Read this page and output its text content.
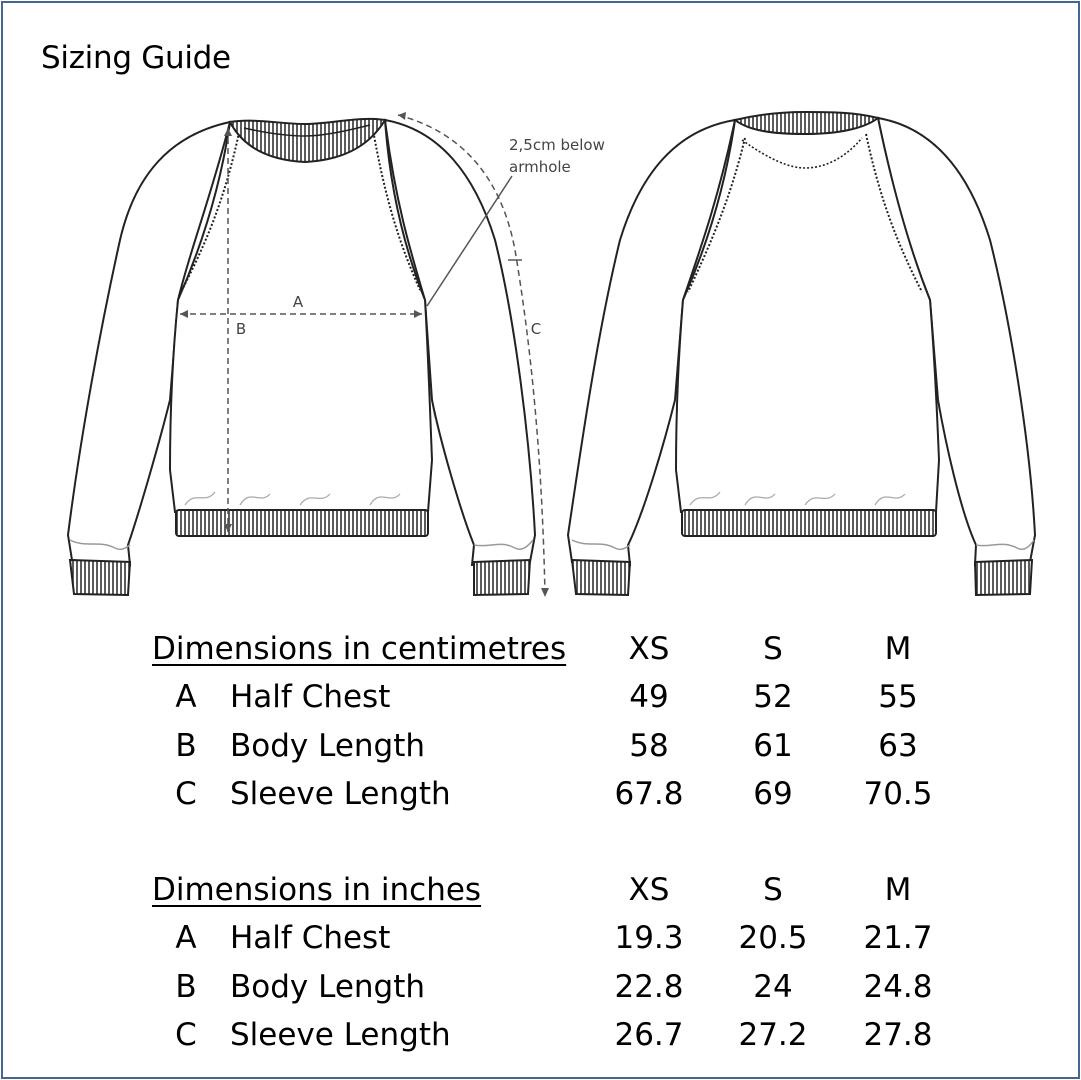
Sizing Guide
A
B	C
2,5cm below
armhole
Dimensions in centimetres	XS	S	M
A Half Chest	49	52	55
B Body Length	58	61	63
C Sleeve Length	67.8	69	70.5
Dimensions in inches	XS	S	M
A Half Chest	19.3	20.5	21.7
B Body Length	22.8	24	24.8
C Sleeve Length	26.7	27.2	27.8
